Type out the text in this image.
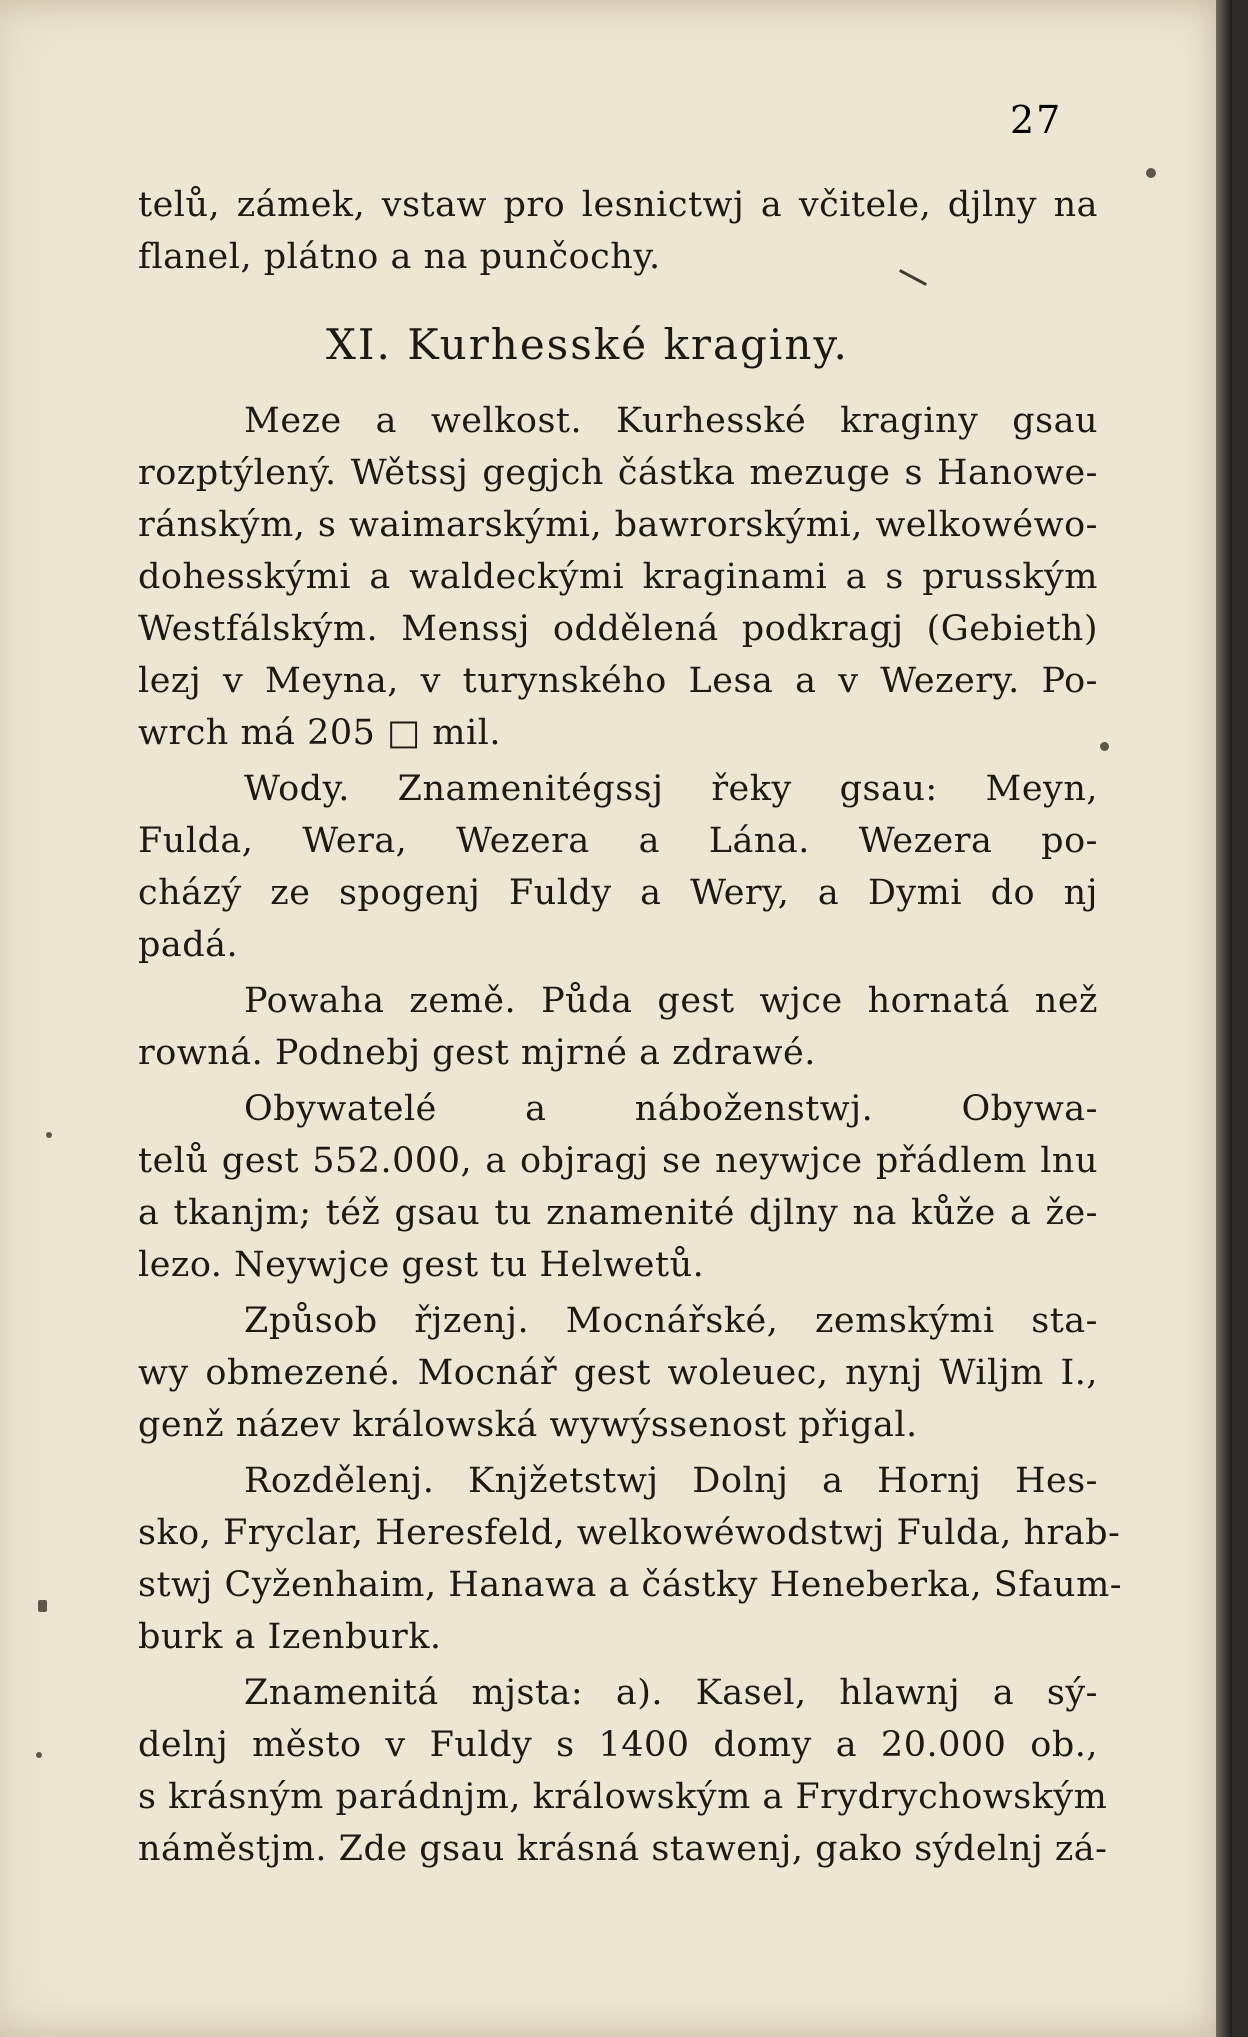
27
telů, zámek, vstaw pro lesnictwj a včitele, djlny na
flanel, plátno a na punčochy.
XI. Kurhesské kraginy.
Meze a welkost. Kurhesské kraginy gsau
rozptýlený. Wětssj gegjch částka mezuge s Hanowe-
ránským, s waimarskými, bawrorskými, welkowéwo-
dohesskými a waldeckými kraginami a s prusským
Westfálským. Menssj oddělená podkragj (Gebieth)
lezj v Meyna, v turynského Lesa a v Wezery. Po-
wrch má 205 □ mil.
Wody. Znamenitégssj řeky gsau: Meyn,
Fulda, Wera, Wezera a Lána. Wezera po-
cházý ze spogenj Fuldy a Wery, a Dymi do nj
padá.
Powaha země. Půda gest wjce hornatá než
rowná. Podnebj gest mjrné a zdrawé.
Obywatelé a náboženstwj. Obywa-
telů gest 552.000, a objragj se neywjce přádlem lnu
a tkanjm; též gsau tu znamenité djlny na kůže a že-
lezo. Neywjce gest tu Helwetů.
Způsob řjzenj. Mocnářské, zemskými sta-
wy obmezené. Mocnář gest woleuec, nynj Wiljm I.,
genž název králowská wywýssenost přigal.
Rozdělenj. Knjžetstwj Dolnj a Hornj Hes-
sko, Fryclar, Heresfeld, welkowéwodstwj Fulda, hrab-
stwj Cyženhaim, Hanawa a částky Heneberka, Sfaum-
burk a Izenburk.
Znamenitá mjsta: a). Kasel, hlawnj a sý-
delnj město v Fuldy s 1400 domy a 20.000 ob.,
s krásným parádnjm, králowským a Frydrychowským
náměstjm. Zde gsau krásná stawenj, gako sýdelnj zá-
